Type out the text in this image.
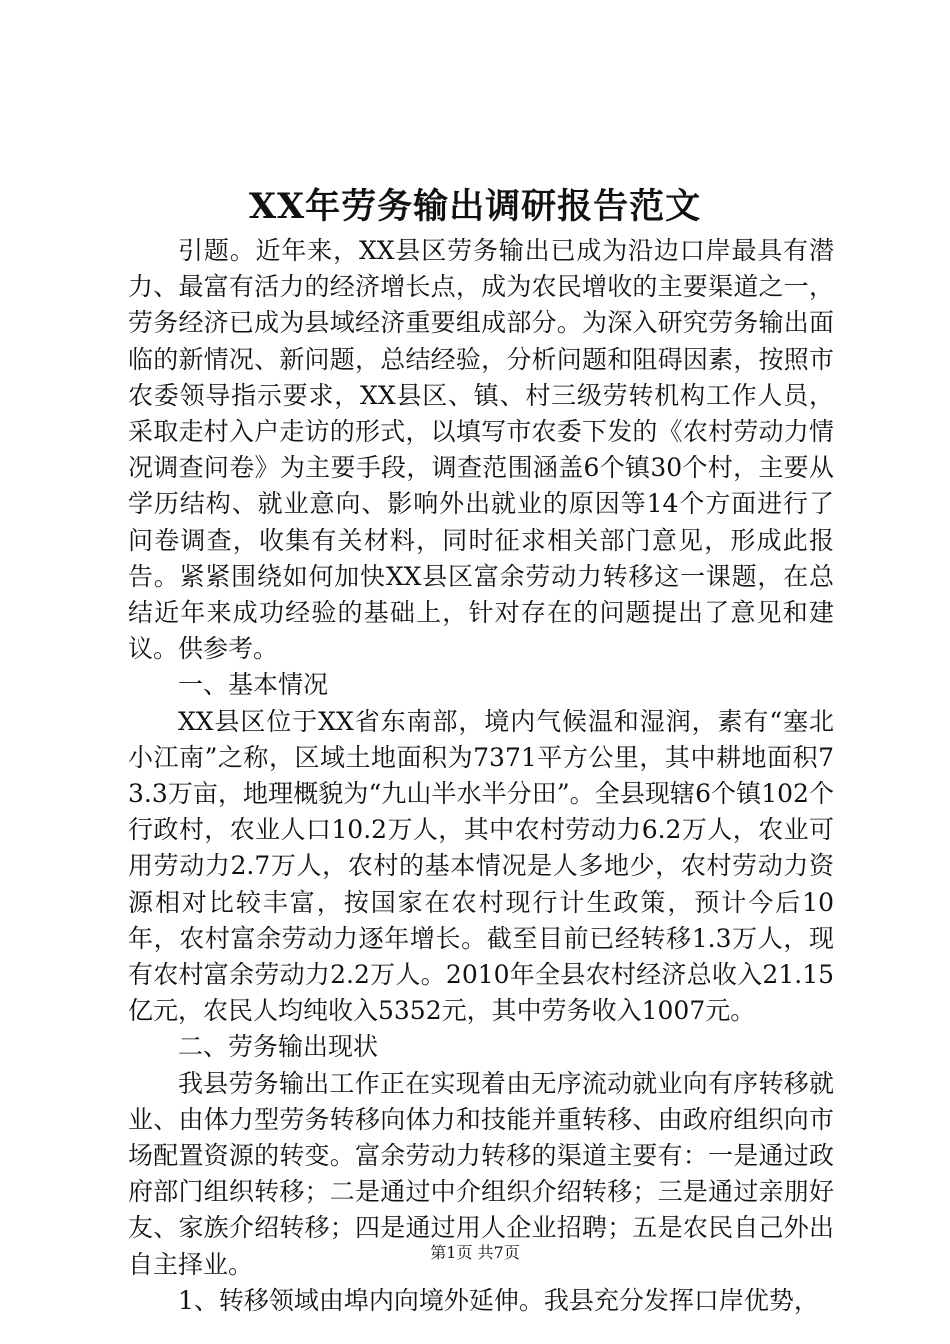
XX年劳务输出调研报告范文

引题。近年来，XX县区劳务输出已成为沿边口岸最具有潜力、最富有活力的经济增长点，成为农民增收的主要渠道之一，劳务经济已成为县域经济重要组成部分。为深入研究劳务输出面临的新情况、新问题，总结经验，分析问题和阻碍因素，按照市农委领导指示要求，XX县区、镇、村三级劳转机构工作人员，采取走村入户走访的形式，以填写市农委下发的《农村劳动力情况调查问卷》为主要手段，调查范围涵盖6个镇30个村，主要从学历结构、就业意向、影响外出就业的原因等14个方面进行了问卷调查，收集有关材料，同时征求相关部门意见，形成此报告。紧紧围绕如何加快XX县区富余劳动力转移这一课题，在总结近年来成功经验的基础上，针对存在的问题提出了意见和建议。供参考。

一、基本情况

XX县区位于XX省东南部，境内气候温和湿润，素有“塞北小江南”之称，区域土地面积为7371平方公里，其中耕地面积73.3万亩，地理概貌为“九山半水半分田”。全县现辖6个镇102个行政村，农业人口10.2万人，其中农村劳动力6.2万人，农业可用劳动力2.7万人，农村的基本情况是人多地少，农村劳动力资源相对比较丰富，按国家在农村现行计生政策，预计今后10年，农村富余劳动力逐年增长。截至目前已经转移1.3万人，现有农村富余劳动力2.2万人。2010年全县农村经济总收入21.15亿元，农民人均纯收入5352元，其中劳务收入1007元。

二、劳务输出现状

我县劳务输出工作正在实现着由无序流动就业向有序转移就业、由体力型劳务转移向体力和技能并重转移、由政府组织向市场配置资源的转变。富余劳动力转移的渠道主要有：一是通过政府部门组织转移；二是通过中介组织介绍转移；三是通过亲朋好友、家族介绍转移；四是通过用人企业招聘；五是农民自己外出自主择业。

1、转移领域由埠内向境外延伸。我县充分发挥口岸优势，

第1页 共7页
